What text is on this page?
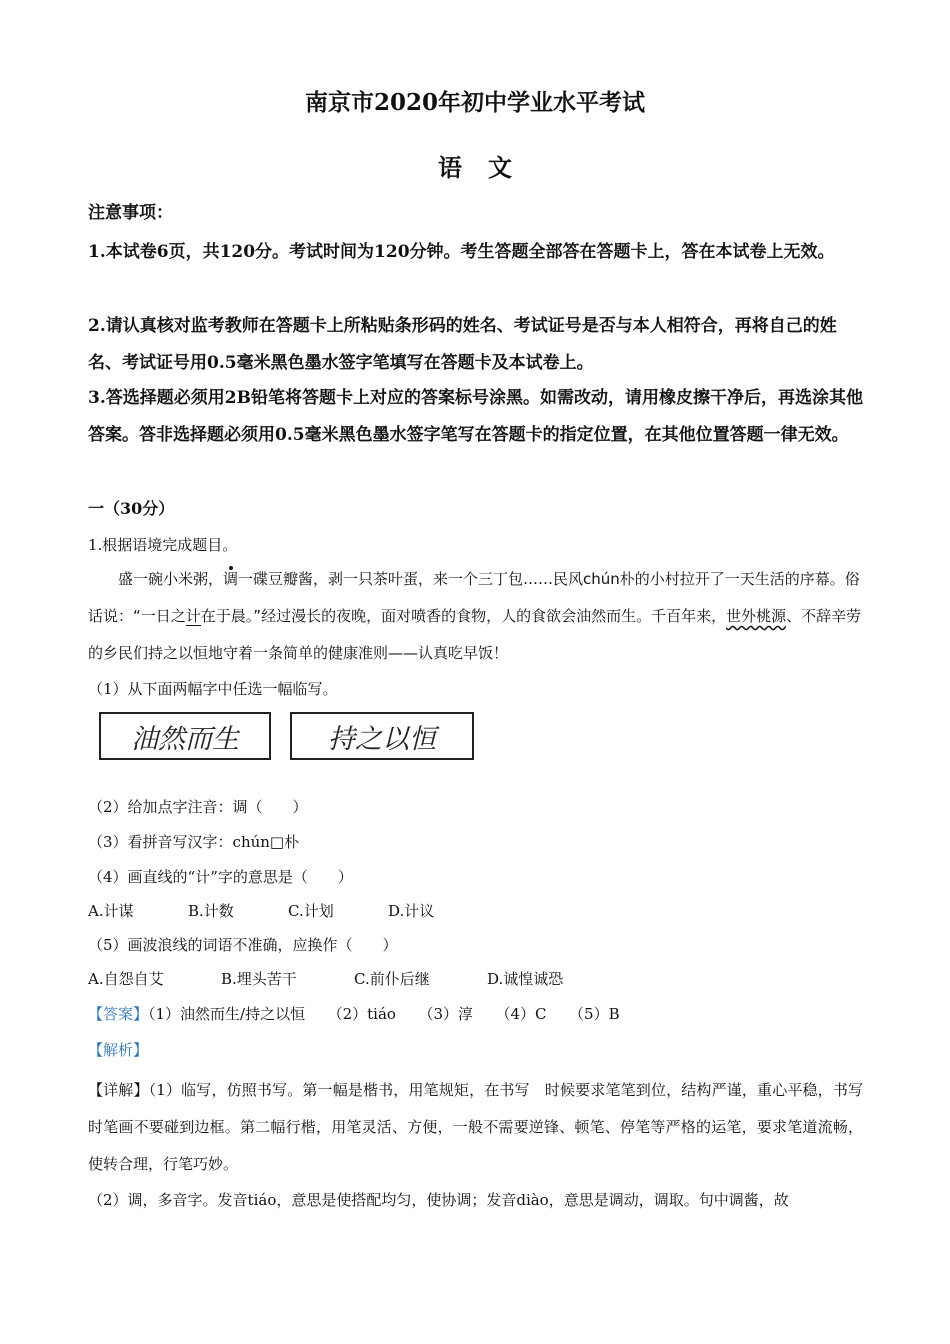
南京市2020年初中学业水平考试
语文
注意事项：
1.本试卷6页，共120分。考试时间为120分钟。考生答题全部答在答题卡上，答在本试卷上无效。
2.请认真核对监考教师在答题卡上所粘贴条形码的姓名、考试证号是否与本人相符合，再将自己的姓名、考试证号用0.5毫米黑色墨水签字笔填写在答题卡及本试卷上。
3.答选择题必须用2B铅笔将答题卡上对应的答案标号涂黑。如需改动，请用橡皮擦干净后，再选涂其他答案。答非选择题必须用0.5毫米黑色墨水签字笔写在答题卡的指定位置，在其他位置答题一律无效。
一（30分）
1.根据语境完成题目。
盛一碗小米粥，调一碟豆瓣酱，剥一只茶叶蛋，来一个三丁包……民风chún朴的小村拉开了一天生活的序幕。俗话说：“一日之计在于晨。”经过漫长的夜晚，面对喷香的食物，人的食欲会油然而生。千百年来，世外桃源、不辞辛劳的乡民们持之以恒地守着一条简单的健康准则——认真吃早饭！
（1）从下面两幅字中任选一幅临写。
油然而生	持之以恒
（2）给加点字注音：调（　　）
（3）看拼音写汉字：chún□朴
（4）画直线的“计”字的意思是（　　）
A.计谋	B.计数	C.计划	D.计议
（5）画波浪线的词语不准确，应换作（　　）
A.自怨自艾	B.埋头苦干	C.前仆后继	D.诚惶诚恐
【答案】（1）油然而生/持之以恒　　（2）tiáo　　（3）淳　　（4）C　　（5）B
【解析】
【详解】（1）临写，仿照书写。第一幅是楷书，用笔规矩，在书写　时候要求笔笔到位，结构严谨，重心平稳，书写时笔画不要碰到边框。第二幅行楷，用笔灵活、方便，一般不需要逆锋、顿笔、停笔等严格的运笔，要求笔道流畅，使转合理，行笔巧妙。
（2）调，多音字。发音tiáo，意思是使搭配均匀，使协调；发音diào，意思是调动，调取。句中调酱，故
